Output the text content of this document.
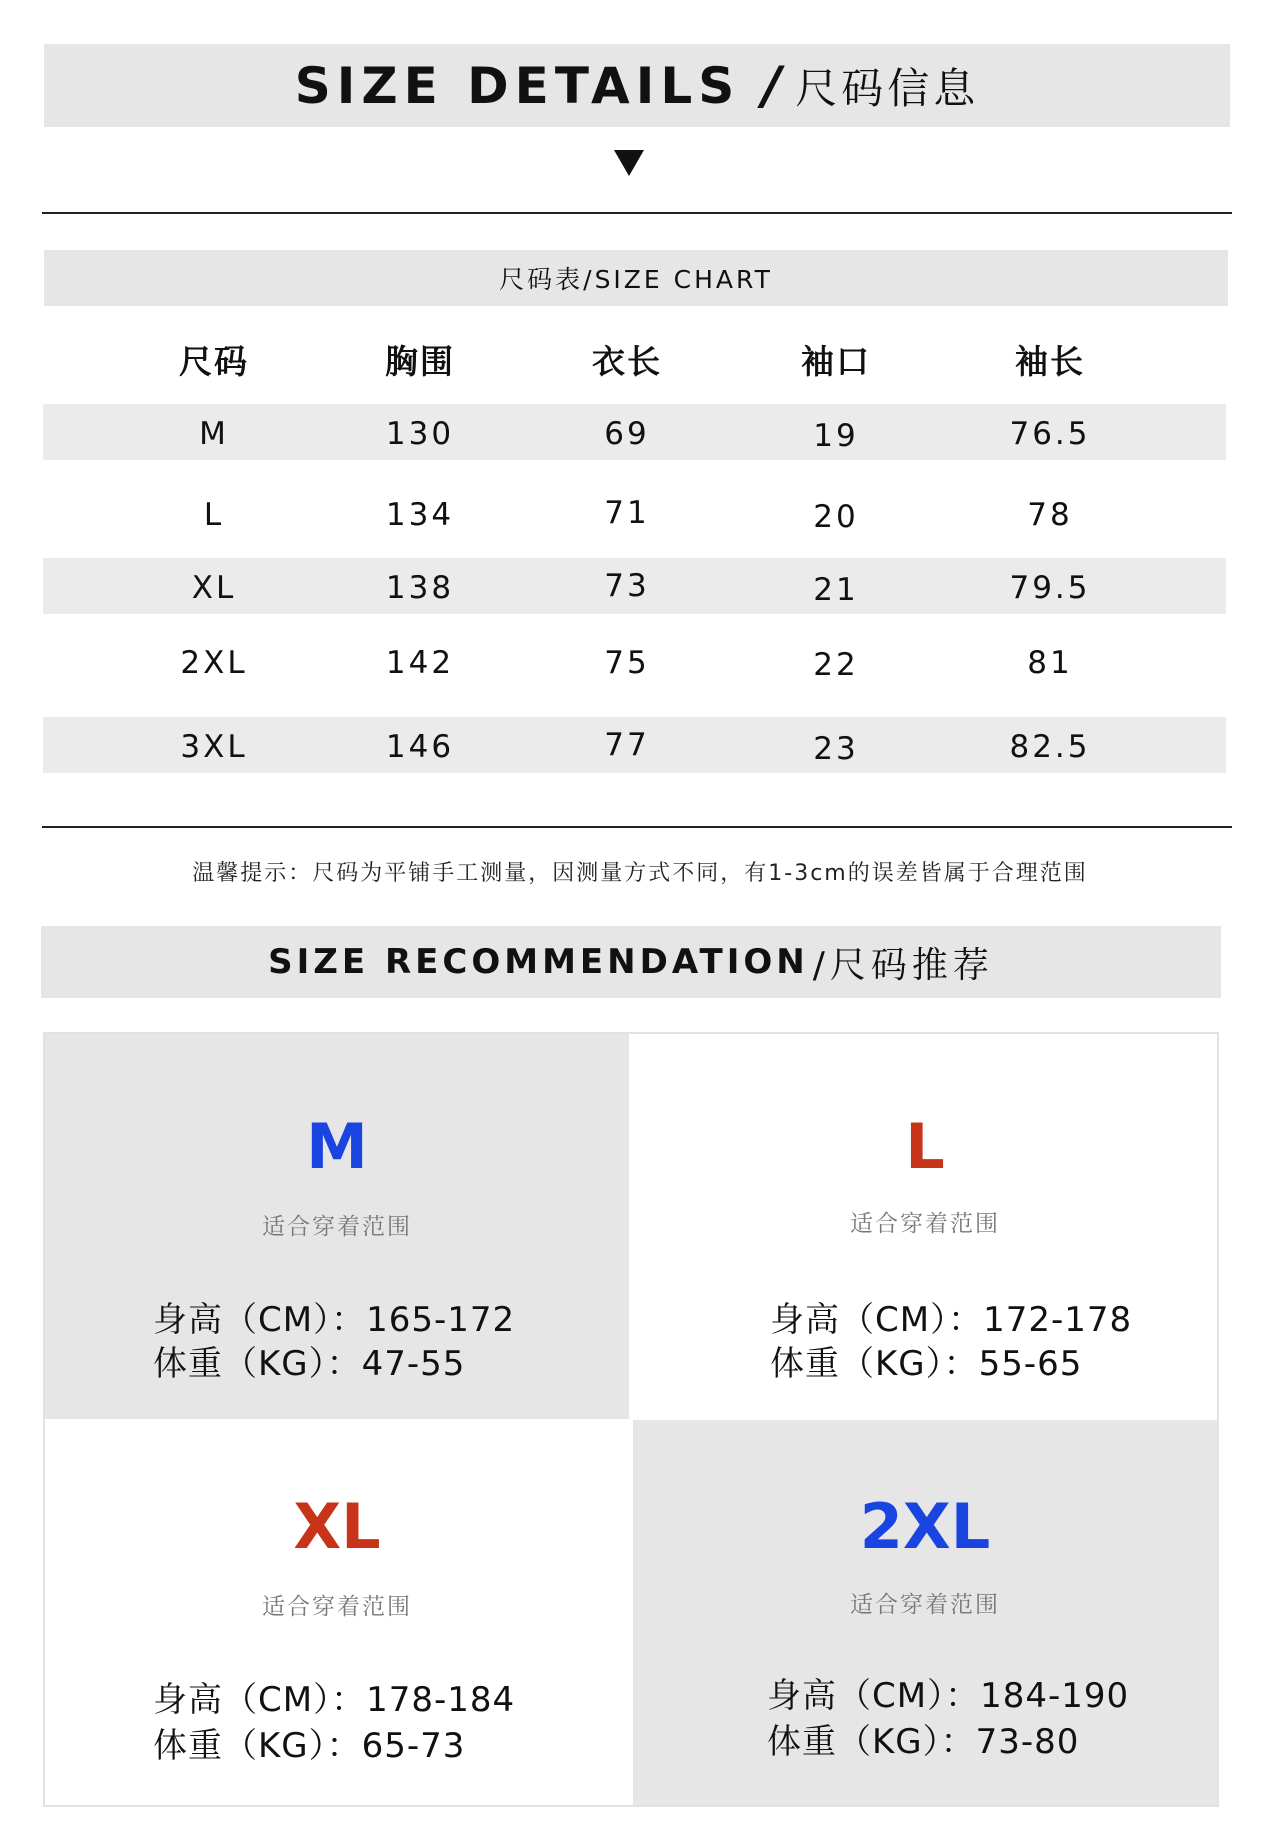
SIZE DETAILS / 尺码信息
尺码表/SIZE CHART
尺码	胸围	衣长	袖口	袖长
M	130	69	19	76.5
L	134	71	20	78
XL	138	73	21	79.5
2XL	142	75	22	81
3XL	146	77	23	82.5
温馨提示：尺码为平铺手工测量，因测量方式不同，有1-3cm的误差皆属于合理范围
SIZE RECOMMENDATION /尺码推荐
M
适合穿着范围
身高（CM）：165-172
体重（KG）：47-55
L
适合穿着范围
身高（CM）：172-178
体重（KG）：55-65
XL
适合穿着范围
身高（CM）：178-184
体重（KG）：65-73
2XL
适合穿着范围
身高（CM）：184-190
体重（KG）：73-80
